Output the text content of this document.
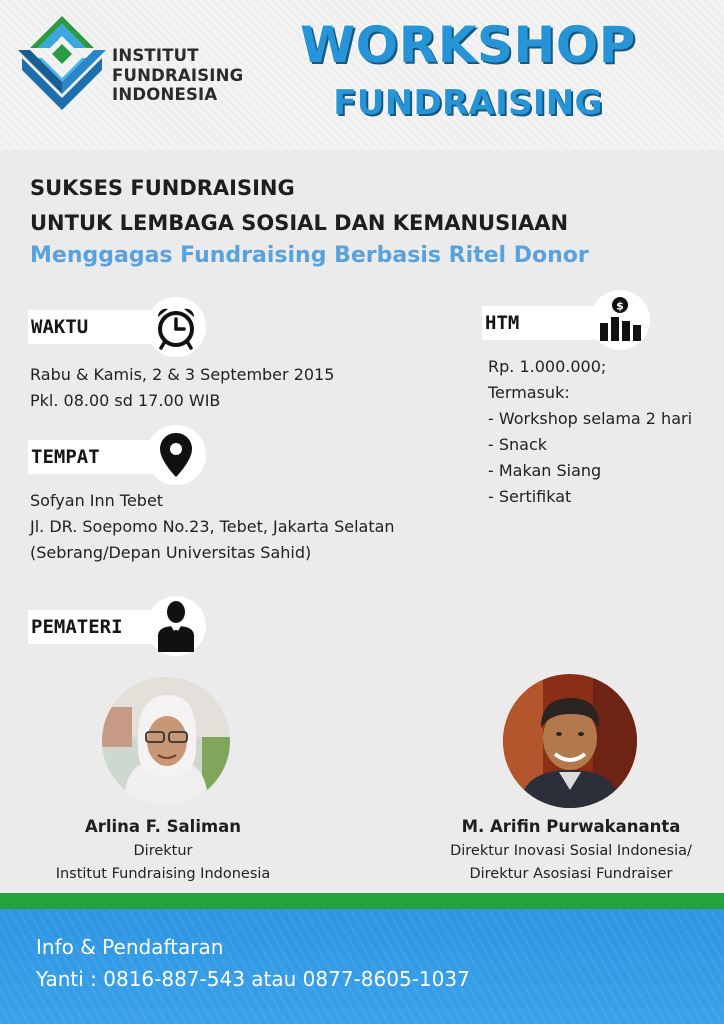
INSTITUT
FUNDRAISING
INDONESIA
WORKSHOP
FUNDRAISING
SUKSES FUNDRAISING
UNTUK LEMBAGA SOSIAL DAN KEMANUSIAAN
Menggagas Fundraising Berbasis Ritel Donor
WAKTU
Rabu & Kamis, 2 & 3 September 2015
Pkl. 08.00 sd 17.00 WIB
TEMPAT
Sofyan Inn Tebet
Jl. DR. Soepomo No.23, Tebet, Jakarta Selatan
(Sebrang/Depan Universitas Sahid)
HTM
$
Rp. 1.000.000;
Termasuk:
- Workshop selama 2 hari
- Snack
- Makan Siang
- Sertifikat
PEMATERI
Arlina F. Saliman
Direktur
Institut Fundraising Indonesia
M. Arifin Purwakananta
Direktur Inovasi Sosial Indonesia/
Direktur Asosiasi Fundraiser
Info & Pendaftaran
Yanti : 0816-887-543 atau 0877-8605-1037
